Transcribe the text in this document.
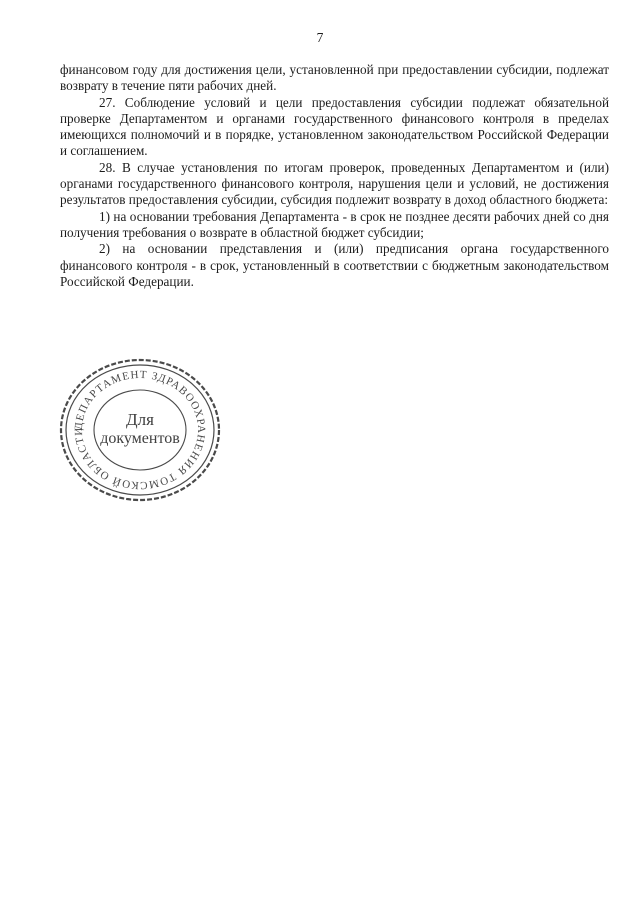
7

финансовом году для достижения цели, установленной при предоставлении субсидии, подлежат возврату в течение пяти рабочих дней.

27. Соблюдение условий и цели предоставления субсидии подлежат обязательной проверке Департаментом и органами государственного финансового контроля в пределах имеющихся полномочий и в порядке, установленном законодательством Российской Федерации и соглашением.

28. В случае установления по итогам проверок, проведенных Департаментом и (или) органами государственного финансового контроля, нарушения цели и условий, не достижения результатов предоставления субсидии, субсидия подлежит возврату в доход областного бюджета:

1) на основании требования Департамента - в срок не позднее десяти рабочих дней со дня получения требования о возврате в областной бюджет субсидии;

2) на основании представления и (или) предписания органа государственного финансового контроля - в срок, установленный в соответствии с бюджетным законодательством Российской Федерации.

ДЕПАРТАМЕНТ ЗДРАВООХРАНЕНИЯ ТОМСКОЙ ОБЛАСТИ
Для
документов
